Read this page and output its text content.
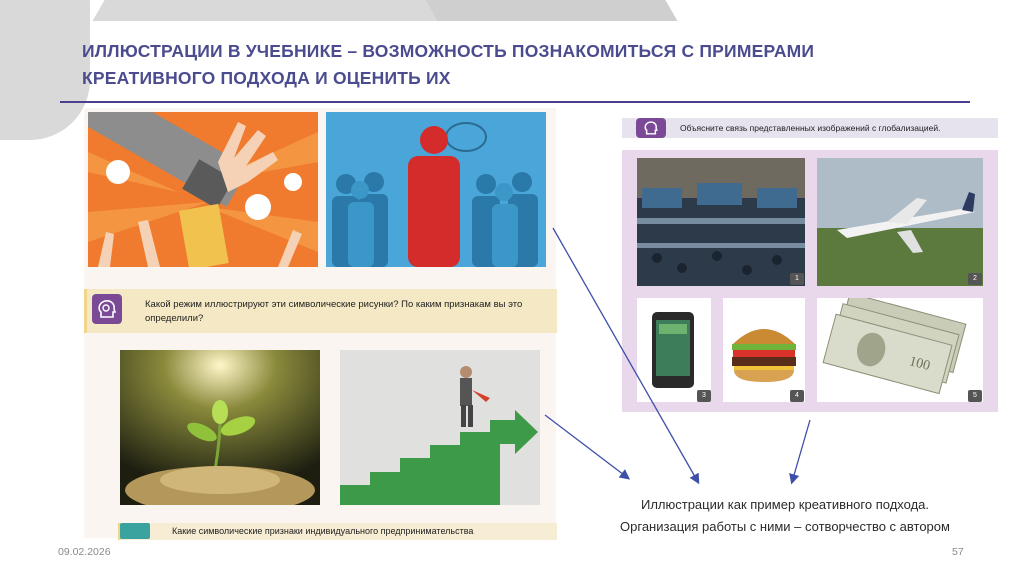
ИЛЛЮСТРАЦИИ В УЧЕБНИКЕ – ВОЗМОЖНОСТЬ ПОЗНАКОМИТЬСЯ С ПРИМЕРАМИ
КРЕАТИВНОГО ПОДХОДА И ОЦЕНИТЬ ИХ
Какой режим иллюстрируют эти символические рисунки? По каким признакам вы это определили?
Какие символические признаки индивидуального предпринимательства
Объясните связь представленных изображений с глобализацией.
1	2
3	4
100
5
Иллюстрации как пример креативного подхода.
Организация работы с ними – сотворчество с автором
09.02.2026	57
